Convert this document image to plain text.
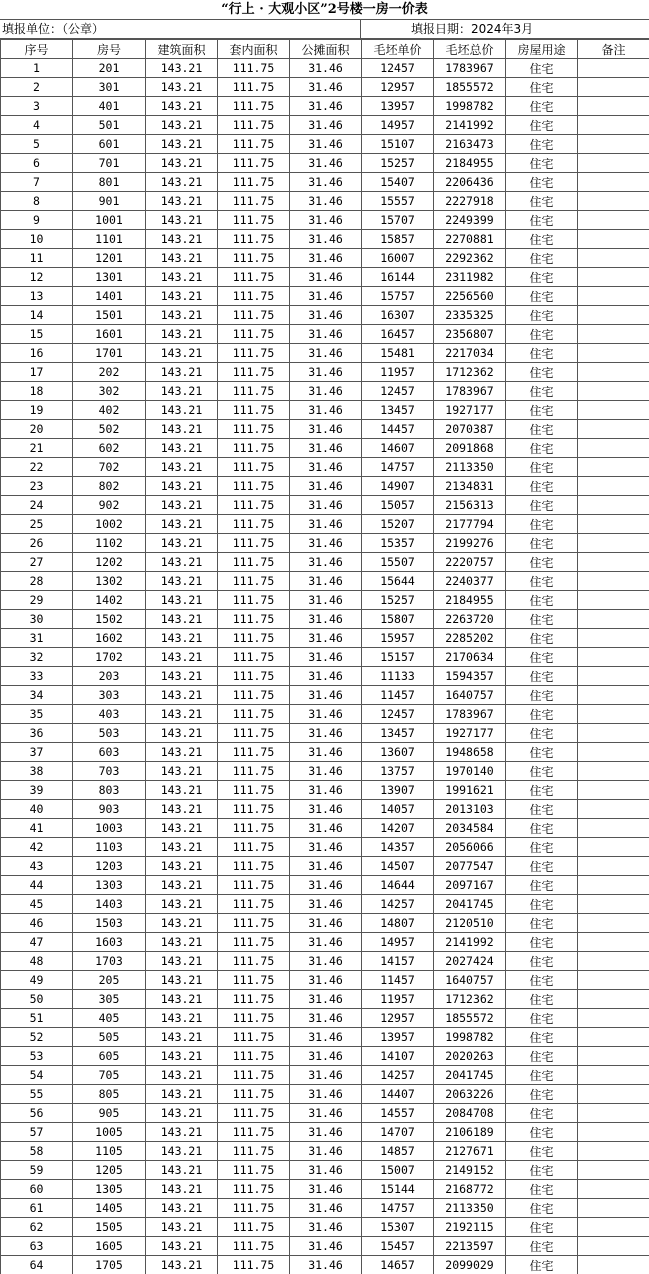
“行上 · 大观小区”2号楼一房一价表
填报单位：（公章）	填报日期：2024年3月
序号	房号	建筑面积	套内面积	公摊面积	毛坯单价	毛坯总价	房屋用途	备注
1	201	143.21	111.75	31.46	12457	1783967	住宅	
2	301	143.21	111.75	31.46	12957	1855572	住宅	
3	401	143.21	111.75	31.46	13957	1998782	住宅	
4	501	143.21	111.75	31.46	14957	2141992	住宅	
5	601	143.21	111.75	31.46	15107	2163473	住宅	
6	701	143.21	111.75	31.46	15257	2184955	住宅	
7	801	143.21	111.75	31.46	15407	2206436	住宅	
8	901	143.21	111.75	31.46	15557	2227918	住宅	
9	1001	143.21	111.75	31.46	15707	2249399	住宅	
10	1101	143.21	111.75	31.46	15857	2270881	住宅	
11	1201	143.21	111.75	31.46	16007	2292362	住宅	
12	1301	143.21	111.75	31.46	16144	2311982	住宅	
13	1401	143.21	111.75	31.46	15757	2256560	住宅	
14	1501	143.21	111.75	31.46	16307	2335325	住宅	
15	1601	143.21	111.75	31.46	16457	2356807	住宅	
16	1701	143.21	111.75	31.46	15481	2217034	住宅	
17	202	143.21	111.75	31.46	11957	1712362	住宅	
18	302	143.21	111.75	31.46	12457	1783967	住宅	
19	402	143.21	111.75	31.46	13457	1927177	住宅	
20	502	143.21	111.75	31.46	14457	2070387	住宅	
21	602	143.21	111.75	31.46	14607	2091868	住宅	
22	702	143.21	111.75	31.46	14757	2113350	住宅	
23	802	143.21	111.75	31.46	14907	2134831	住宅	
24	902	143.21	111.75	31.46	15057	2156313	住宅	
25	1002	143.21	111.75	31.46	15207	2177794	住宅	
26	1102	143.21	111.75	31.46	15357	2199276	住宅	
27	1202	143.21	111.75	31.46	15507	2220757	住宅	
28	1302	143.21	111.75	31.46	15644	2240377	住宅	
29	1402	143.21	111.75	31.46	15257	2184955	住宅	
30	1502	143.21	111.75	31.46	15807	2263720	住宅	
31	1602	143.21	111.75	31.46	15957	2285202	住宅	
32	1702	143.21	111.75	31.46	15157	2170634	住宅	
33	203	143.21	111.75	31.46	11133	1594357	住宅	
34	303	143.21	111.75	31.46	11457	1640757	住宅	
35	403	143.21	111.75	31.46	12457	1783967	住宅	
36	503	143.21	111.75	31.46	13457	1927177	住宅	
37	603	143.21	111.75	31.46	13607	1948658	住宅	
38	703	143.21	111.75	31.46	13757	1970140	住宅	
39	803	143.21	111.75	31.46	13907	1991621	住宅	
40	903	143.21	111.75	31.46	14057	2013103	住宅	
41	1003	143.21	111.75	31.46	14207	2034584	住宅	
42	1103	143.21	111.75	31.46	14357	2056066	住宅	
43	1203	143.21	111.75	31.46	14507	2077547	住宅	
44	1303	143.21	111.75	31.46	14644	2097167	住宅	
45	1403	143.21	111.75	31.46	14257	2041745	住宅	
46	1503	143.21	111.75	31.46	14807	2120510	住宅	
47	1603	143.21	111.75	31.46	14957	2141992	住宅	
48	1703	143.21	111.75	31.46	14157	2027424	住宅	
49	205	143.21	111.75	31.46	11457	1640757	住宅	
50	305	143.21	111.75	31.46	11957	1712362	住宅	
51	405	143.21	111.75	31.46	12957	1855572	住宅	
52	505	143.21	111.75	31.46	13957	1998782	住宅	
53	605	143.21	111.75	31.46	14107	2020263	住宅	
54	705	143.21	111.75	31.46	14257	2041745	住宅	
55	805	143.21	111.75	31.46	14407	2063226	住宅	
56	905	143.21	111.75	31.46	14557	2084708	住宅	
57	1005	143.21	111.75	31.46	14707	2106189	住宅	
58	1105	143.21	111.75	31.46	14857	2127671	住宅	
59	1205	143.21	111.75	31.46	15007	2149152	住宅	
60	1305	143.21	111.75	31.46	15144	2168772	住宅	
61	1405	143.21	111.75	31.46	14757	2113350	住宅	
62	1505	143.21	111.75	31.46	15307	2192115	住宅	
63	1605	143.21	111.75	31.46	15457	2213597	住宅	
64	1705	143.21	111.75	31.46	14657	2099029	住宅	
